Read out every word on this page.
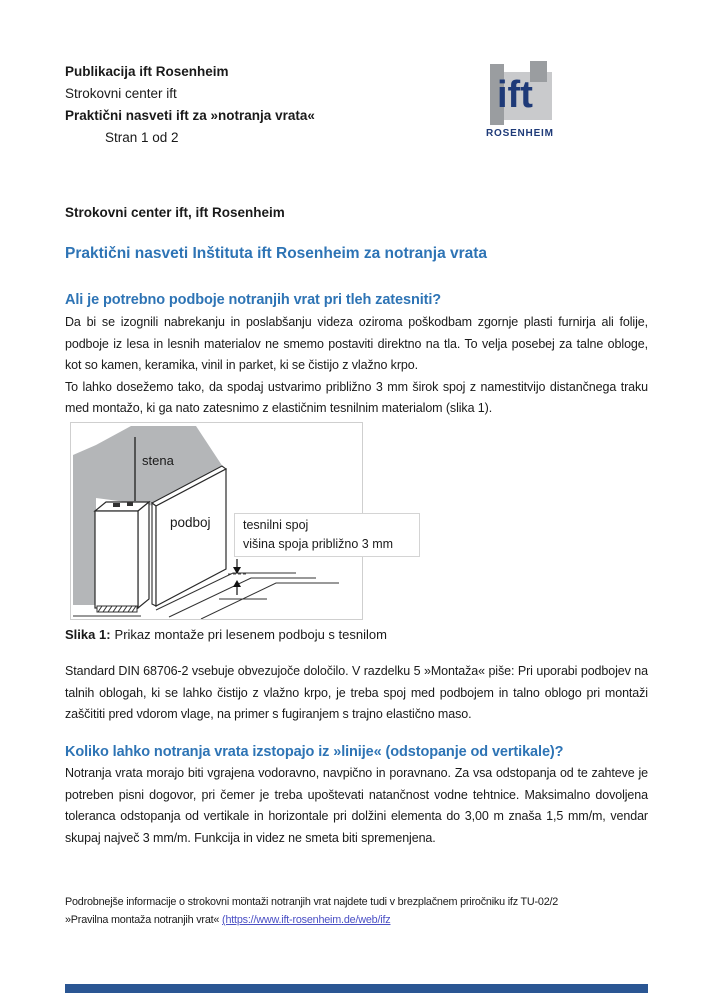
Publikacija ift Rosenheim
Strokovni center ift
Praktični nasveti ift za »notranja vrata«
Stran 1 od 2
ift
ROSENHEIM
Strokovni center ift, ift Rosenheim
Praktični nasveti Inštituta ift Rosenheim za notranja vrata
Ali je potrebno podboje notranjih vrat pri tleh zatesniti?

Da bi se izognili nabrekanju in poslabšanju videza oziroma poškodbam zgornje plasti furnirja ali folije, podboje iz lesa in lesnih materialov ne smemo postaviti direktno na tla. To velja posebej za talne obloge, kot so kamen, keramika, vinil in parket, ki se čistijo z vlažno krpo.

To lahko dosežemo tako, da spodaj ustvarimo približno 3 mm širok spoj z namestitvijo distančnega traku med montažo, ki ga nato zatesnimo z elastičnim tesnilnim materialom (slika 1).

stena
podboj	tesnilni spoj
višina spoja približno 3 mm
Slika 1: Prikaz montaže pri lesenem podboju s tesnilom

Standard DIN 68706-2 vsebuje obvezujoče določilo. V razdelku 5 »Montaža« piše: Pri uporabi podbojev na talnih oblogah, ki se lahko čistijo z vlažno krpo, je treba spoj med podbojem in talno oblogo pri montaži zaščititi pred vdorom vlage, na primer s fugiranjem s trajno elastično maso.

Koliko lahko notranja vrata izstopajo iz »linije« (odstopanje od vertikale)?

Notranja vrata morajo biti vgrajena vodoravno, navpično in poravnano. Za vsa odstopanja od te zahteve je potreben pisni dogovor, pri čemer je treba upoštevati natančnost vodne tehtnice. Maksimalno dovoljena toleranca odstopanja od vertikale in horizontale pri dolžini elementa do 3,00 m znaša 1,5 mm/m, vendar skupaj največ 3 mm/m. Funkcija in videz ne smeta biti spremenjena.

Podrobnejše informacije o strokovni montaži notranjih vrat najdete tudi v brezplačnem priročniku ifz TU-02/2
»Pravilna montaža notranjih vrat« (https://www.ift-rosenheim.de/web/ifz
